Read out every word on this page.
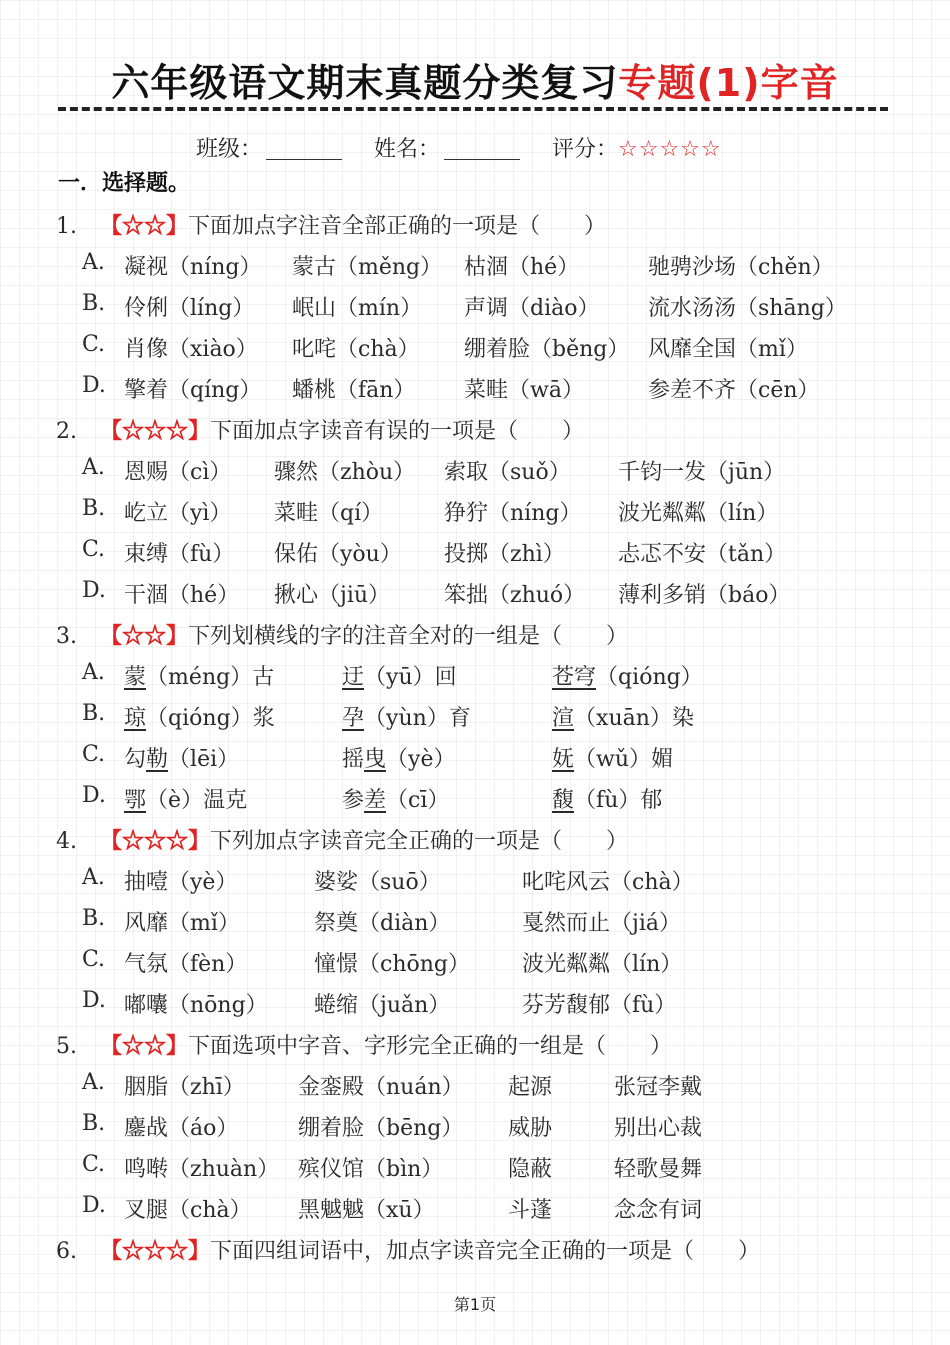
六年级语文期末真题分类复习专题(1)字音
班级：	姓名：	评分：☆☆☆☆☆
一．选择题。
1. 【☆☆】下面加点字注音全部正确的一项是（　　）
A. 凝视（níng） 蒙古（měng） 枯涸（hé）	驰骋沙场（chěn）
B. 伶俐（líng） 岷山（mín） 声调（diào） 流水汤汤（shāng）
C. 肖像（xiào） 叱咤（chà） 绷着脸（běng） 风靡全国（mǐ）
D. 擎着（qíng） 蟠桃（fān） 菜畦（wā）	参差不齐（cēn）
2. 【☆☆☆】下面加点字读音有误的一项是（　　）
A. 恩赐（cì） 骤然（zhòu） 索取（suǒ） 千钧一发（jūn）
B. 屹立（yì） 菜畦（qí）	狰狞（níng） 波光粼粼（lín）
C. 束缚（fù） 保佑（yòu） 投掷（zhì） 忐忑不安（tǎn）
D. 干涸（hé） 揪心（jiū） 笨拙（zhuó） 薄利多销（báo）
3. 【☆☆】下列划横线的字的注音全对的一组是（　　）
A. 蒙（méng）古	迂（yū）回	苍穹（qióng）
B. 琼（qióng）浆	孕（yùn）育	渲（xuān）染
C. 勾勒（lēi）	摇曳（yè）	妩（wǔ）媚
D. 鄂（è）温克	参差（cī）	馥（fù）郁
4. 【☆☆☆】下列加点字读音完全正确的一项是（　　）
A. 抽噎（yè）	婆娑（suō）	叱咤风云（chà）
B. 风靡（mǐ）	祭奠（diàn）	戛然而止（jiá）
C. 气氛（fèn）	憧憬（chōng） 波光粼粼（lín）
D. 嘟囔（nōng） 蜷缩（juǎn）	芬芳馥郁（fù）
5. 【☆☆】下面选项中字音、字形完全正确的一组是（　　）
A. 胭脂（zhī） 金銮殿（nuán） 起源	张冠李戴
B. 鏖战（áo）	绷着脸（bēng） 威胁	别出心裁
C. 鸣啭（zhuàn） 殡仪馆（bìn）	隐蔽	轻歌曼舞
D. 叉腿（chà） 黑魆魆（xū）	斗蓬	念念有词
6. 【☆☆☆】下面四组词语中，加点字读音完全正确的一项是（　　）
第1页
